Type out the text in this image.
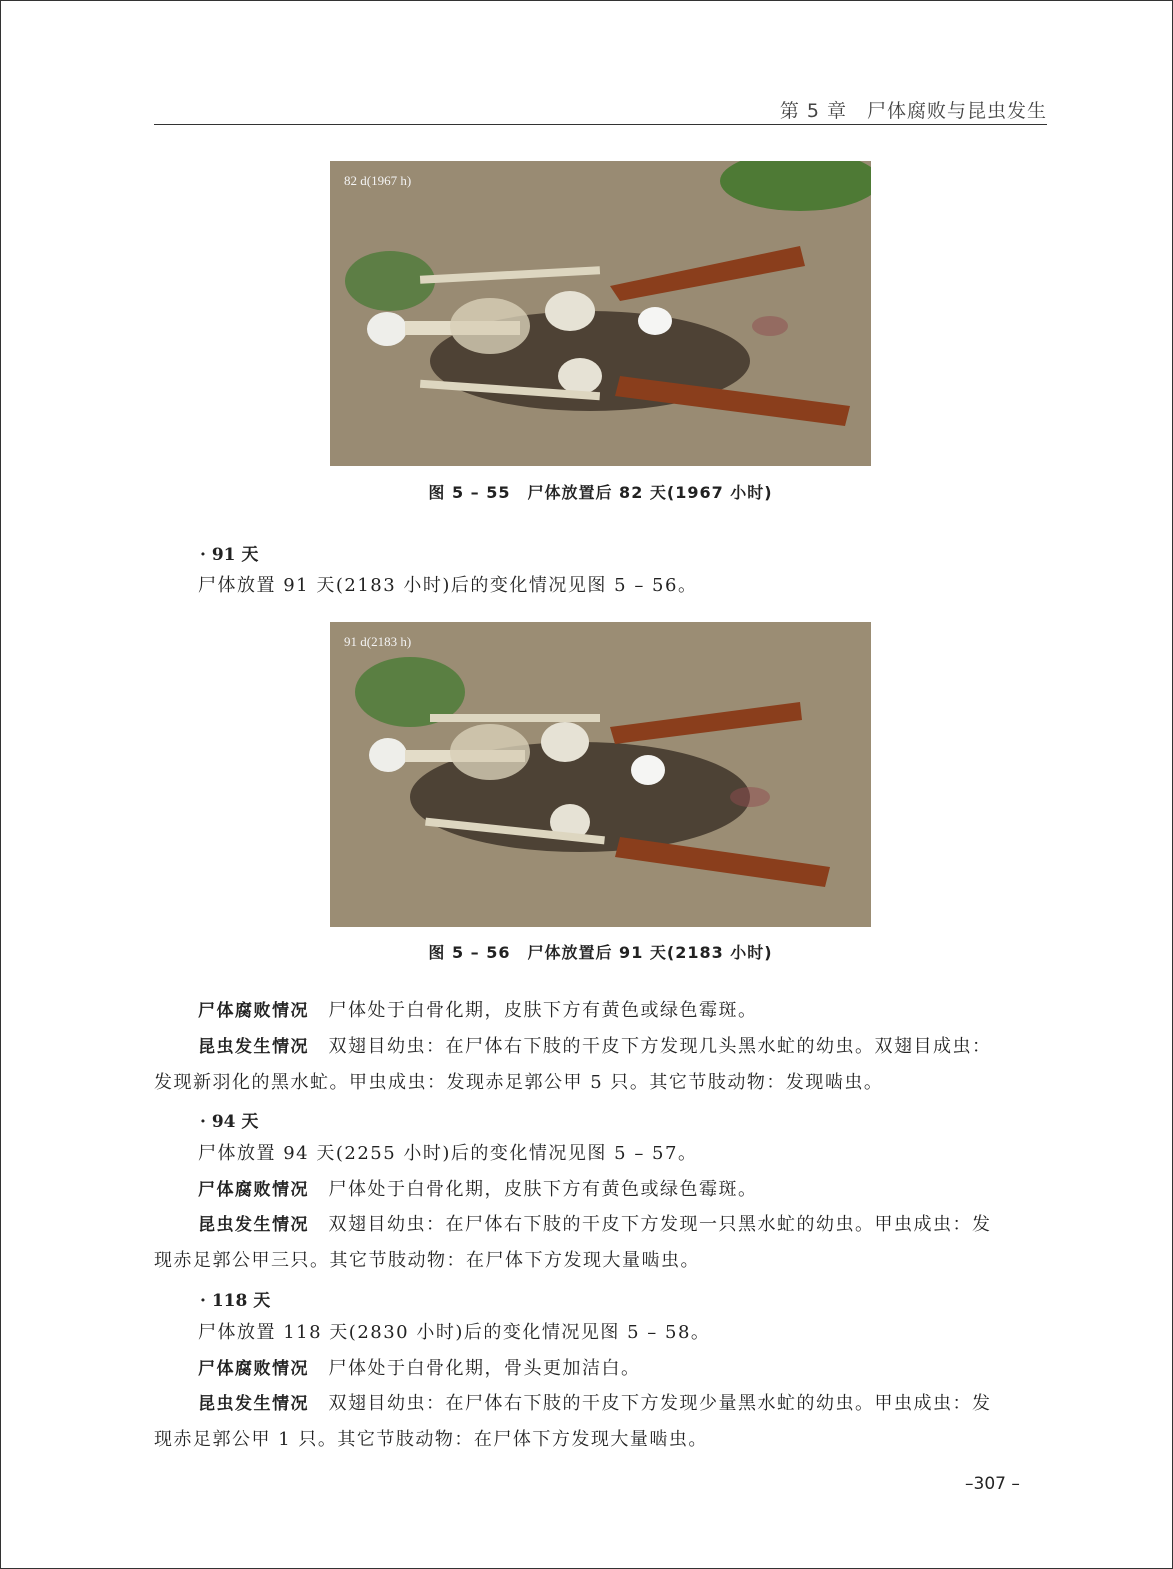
第 5 章　尸体腐败与昆虫发生
82 d(1967 h)
图 5 – 55　尸体放置后 82 天(1967 小时)
· 91 天
尸体放置 91 天(2183 小时)后的变化情况见图 5 – 56。
91 d(2183 h)
图 5 – 56　尸体放置后 91 天(2183 小时)
尸体腐败情况　 尸体处于白骨化期，皮肤下方有黄色或绿色霉斑。
昆虫发生情况　 双翅目幼虫：在尸体右下肢的干皮下方发现几头黑水虻的幼虫。双翅目成虫：
发现新羽化的黑水虻。甲虫成虫：发现赤足郭公甲 5 只。其它节肢动物：发现啮虫。
· 94 天
尸体放置 94 天(2255 小时)后的变化情况见图 5 – 57。
尸体腐败情况　 尸体处于白骨化期，皮肤下方有黄色或绿色霉斑。
昆虫发生情况　 双翅目幼虫：在尸体右下肢的干皮下方发现一只黑水虻的幼虫。甲虫成虫：发
现赤足郭公甲三只。其它节肢动物：在尸体下方发现大量啮虫。
· 118 天
尸体放置 118 天(2830 小时)后的变化情况见图 5 – 58。
尸体腐败情况　 尸体处于白骨化期，骨头更加洁白。
昆虫发生情况　 双翅目幼虫：在尸体右下肢的干皮下方发现少量黑水虻的幼虫。甲虫成虫：发
现赤足郭公甲 1 只。其它节肢动物：在尸体下方发现大量啮虫。
–307 –
